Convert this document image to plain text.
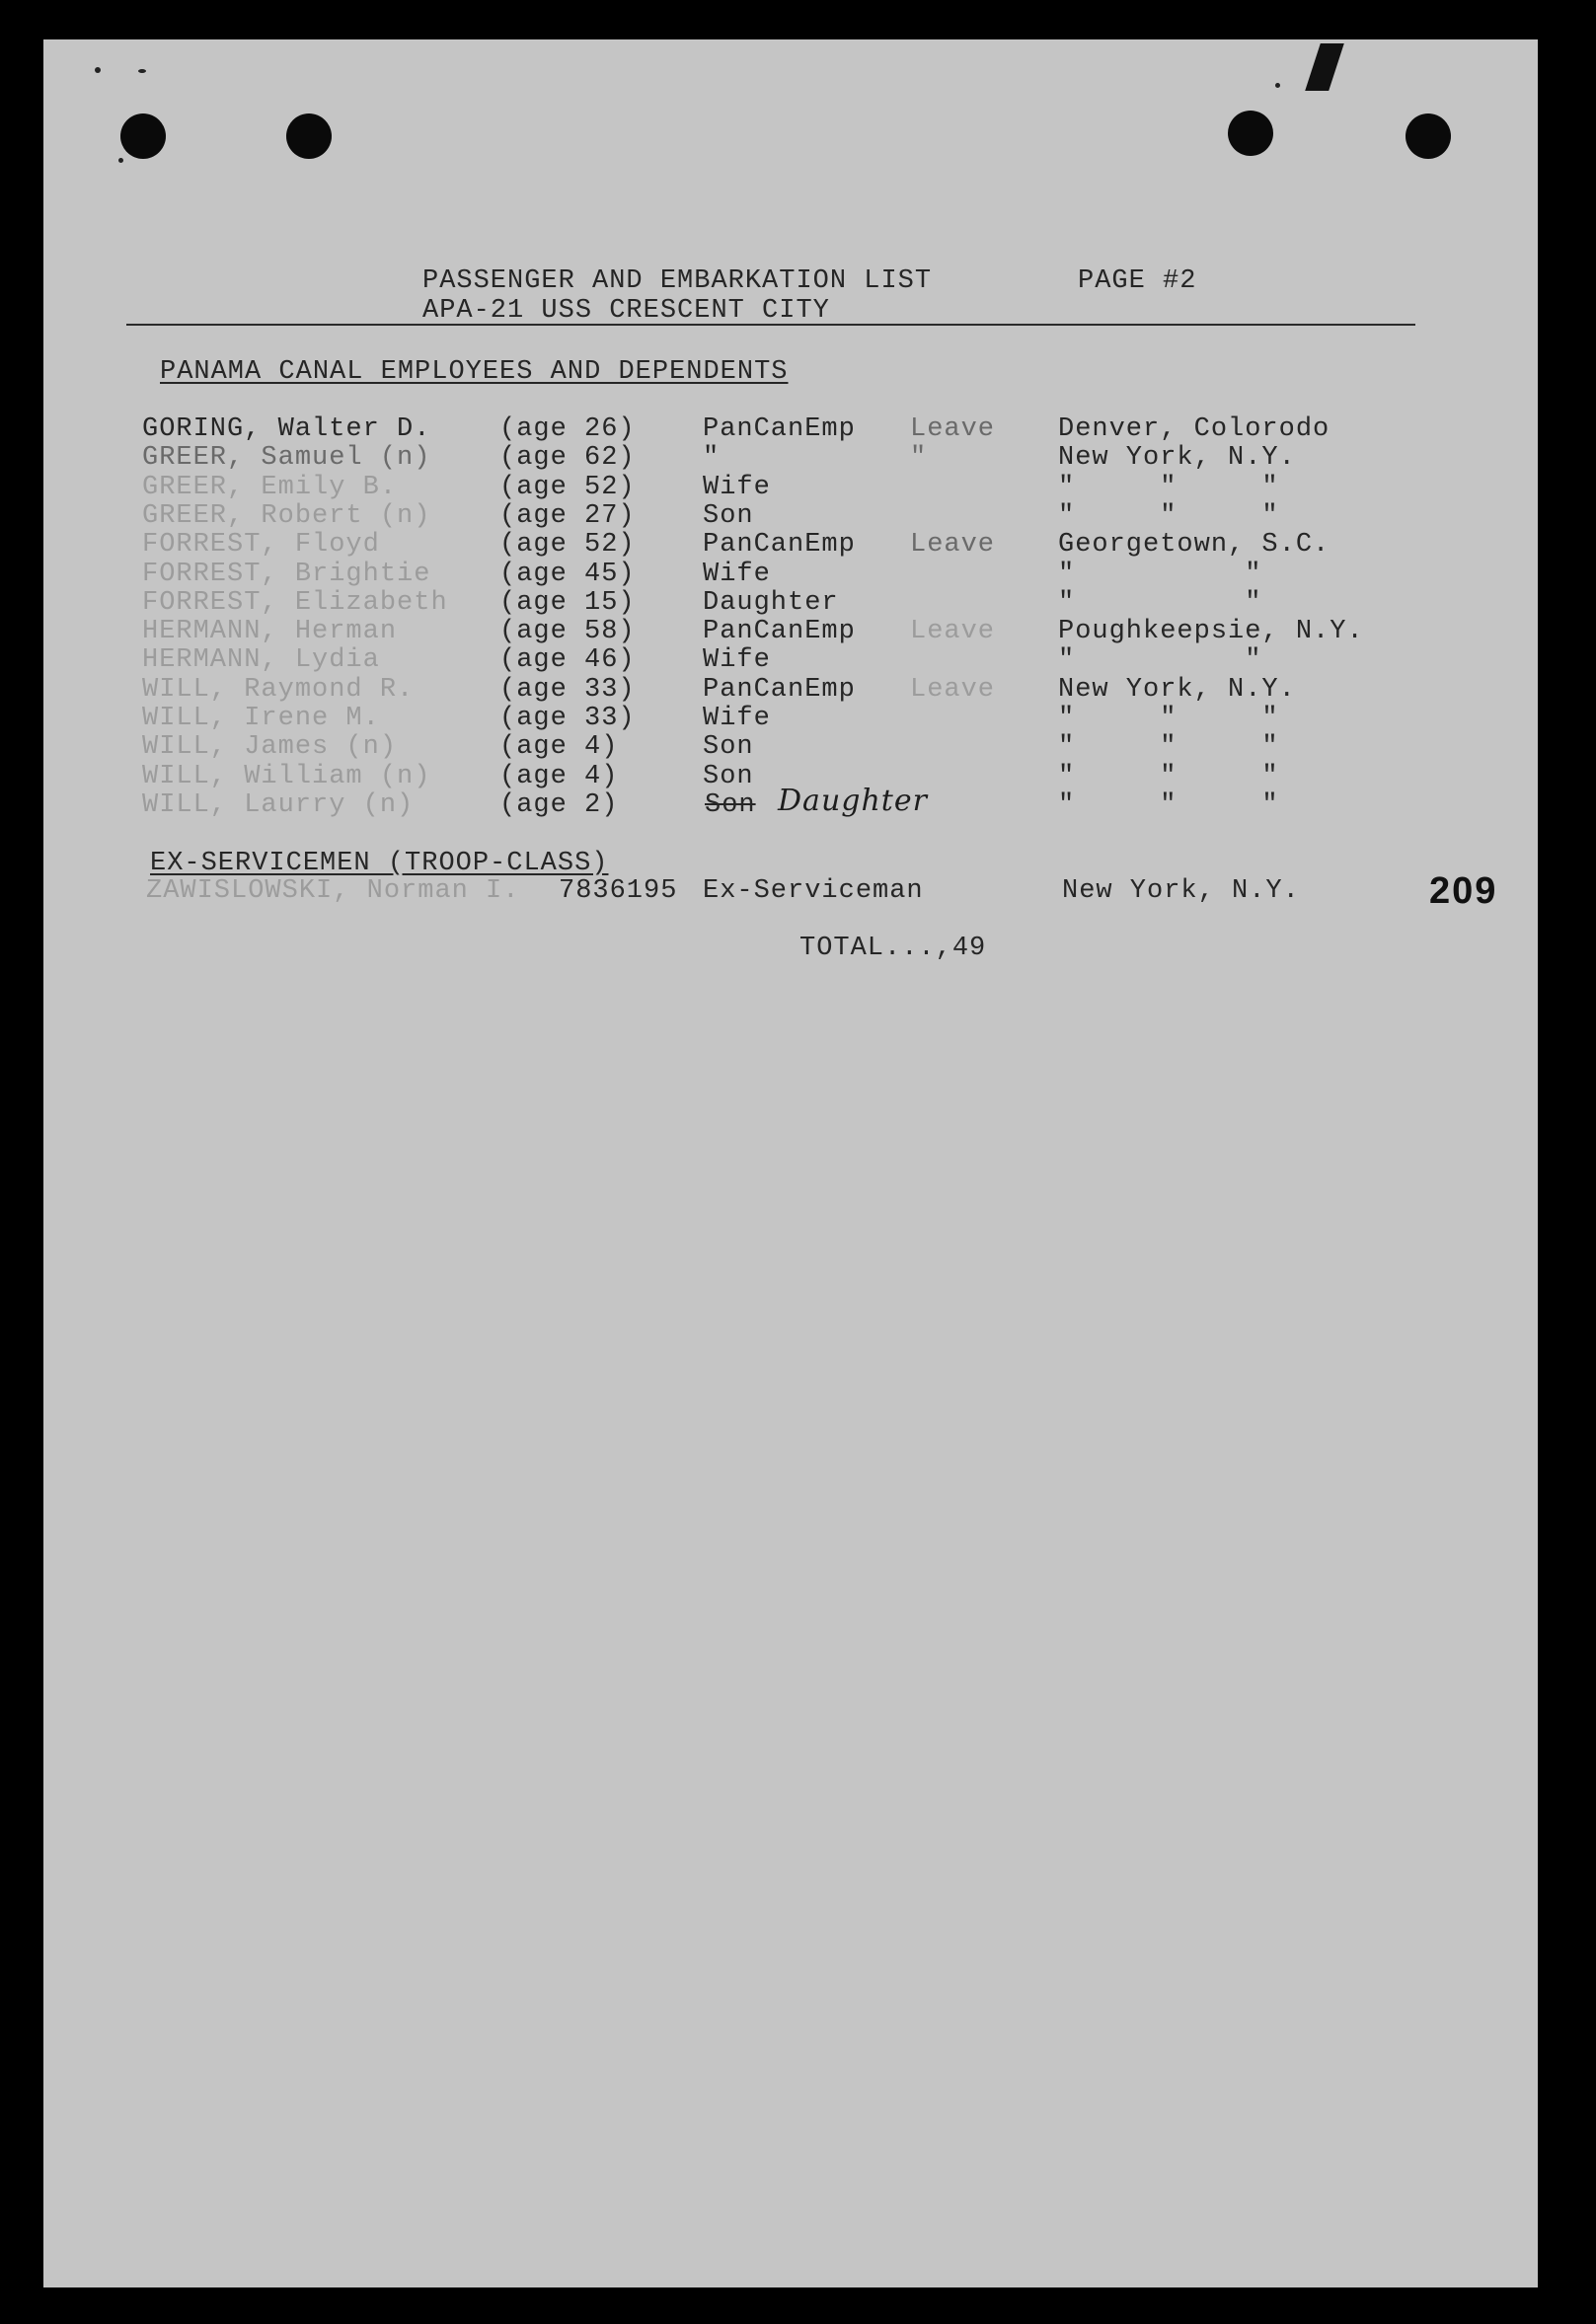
PASSENGER AND EMBARKATION LIST	PAGE #2
APA-21 USS CRESCENT CITY
PANAMA CANAL EMPLOYEES AND DEPENDENTS
GORING, Walter D.	(age 26)	PanCanEmp Leave Denver, Colorodo
GREER, Samuel (n)	(age 62)	"	"	New York, N.Y.
GREER, Emily B.	(age 52)	Wife	"     "     "
GREER, Robert (n)	(age 27)	Son	"     "     "
FORREST, Floyd	(age 52)	PanCanEmp Leave Georgetown, S.C.
FORREST, Brightie	(age 45)	Wife	"          "
FORREST, Elizabeth (age 15)	Daughter	"          "
HERMANN, Herman	(age 58)	PanCanEmp Leave Poughkeepsie, N.Y.
HERMANN, Lydia	(age 46)	Wife	"          "
WILL, Raymond R.	(age 33)	PanCanEmp Leave New York, N.Y.
WILL, Irene M.	(age 33)	Wife	"     "     "
WILL, James (n)	(age 4)	Son	"     "     "
WILL, William (n)	(age 4)	Son	"     "     "
WILL, Laurry (n)	(age 2)	Son Daughter	"     "     "
EX-SERVICEMEN (TROOP-CLASS)
ZAWISLOWSKI, Norman I. 7836195 Ex-Serviceman	New York, N.Y.	209
TOTAL...,49
